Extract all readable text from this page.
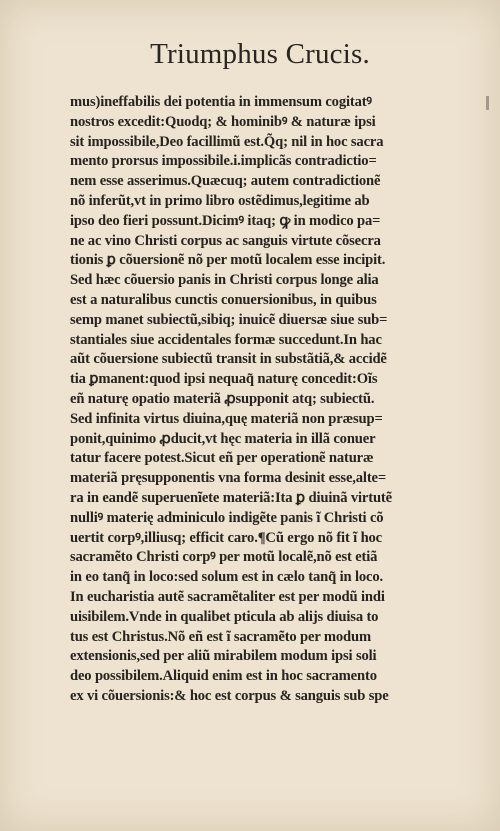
Triumphus Crucis.
mus)ineffabilis dei potentia in immensum cogitatꝰ
nostros excedit:Quodq; & hominibꝰ & naturæ ipsi
sit impossibile,Deo facillimũ est.Q̃q; nil in hoc sacra
mento prorsus impossibile.i.implicãs contradictio=
nem esse asserimus.Quæcuq; autem contradictionẽ
nõ inferũt,vt in primo libro ostẽdimus,legitime ab
ipso deo fieri possunt.Dicimꝰ itaq; ꝙ in modico pa=
ne ac vino Christi corpus ac sanguis virtute cõsecra
tionis ꝑ cõuersionẽ nõ per motũ localem esse incipit.
Sed hæc cõuersio panis in Christi corpus longe alia
est a naturalibus cunctis conuersionibus, in quibus
semp manet subiectũ,sibiq; inuicẽ diuersæ siue sub=
stantiales siue accidentales formæ succedunt.In hac
aũt cõuersione subiectũ transit in substãtiã,& accidẽ
tia ꝑmanent:quod ipsi nequaq̃ naturę concedit:Oĩs
eñ naturę opatio materiã ꝓsupponit atq; subiectũ.
Sed infinita virtus diuina,quę materiã non præsup=
ponit,quinimo ꝓducit,vt hęc materia in illã conuer
tatur facere potest.Sicut eñ per operationẽ naturæ
materiã pręsupponentis vna forma desinit esse,alte=
ra in eandẽ superuenĩete materiã:Ita ꝑ diuinã virtutẽ
nulliꝰ materię adminiculo indigẽte panis ĩ Christi cõ
uertit corpꝰ,illiusq; efficit caro.¶Cũ ergo nõ fit ĩ hoc
sacramẽto Christi corpꝰ per motũ localẽ,nõ est etiã
in eo tanq̃ in loco:sed solum est in cælo tanq̃ in loco.
In eucharistia autẽ sacramẽtaliter est per modũ indi
uisibilem.Vnde in qualibet pticula ab alijs diuisa to
tus est Christus.Nõ eñ est ĩ sacramẽto per modum
extensionis,sed per aliũ mirabilem modum ipsi soli
deo possibilem.Aliquid enim est in hoc sacramento
ex vi cõuersionis:& hoc est corpus & sanguis sub spe
